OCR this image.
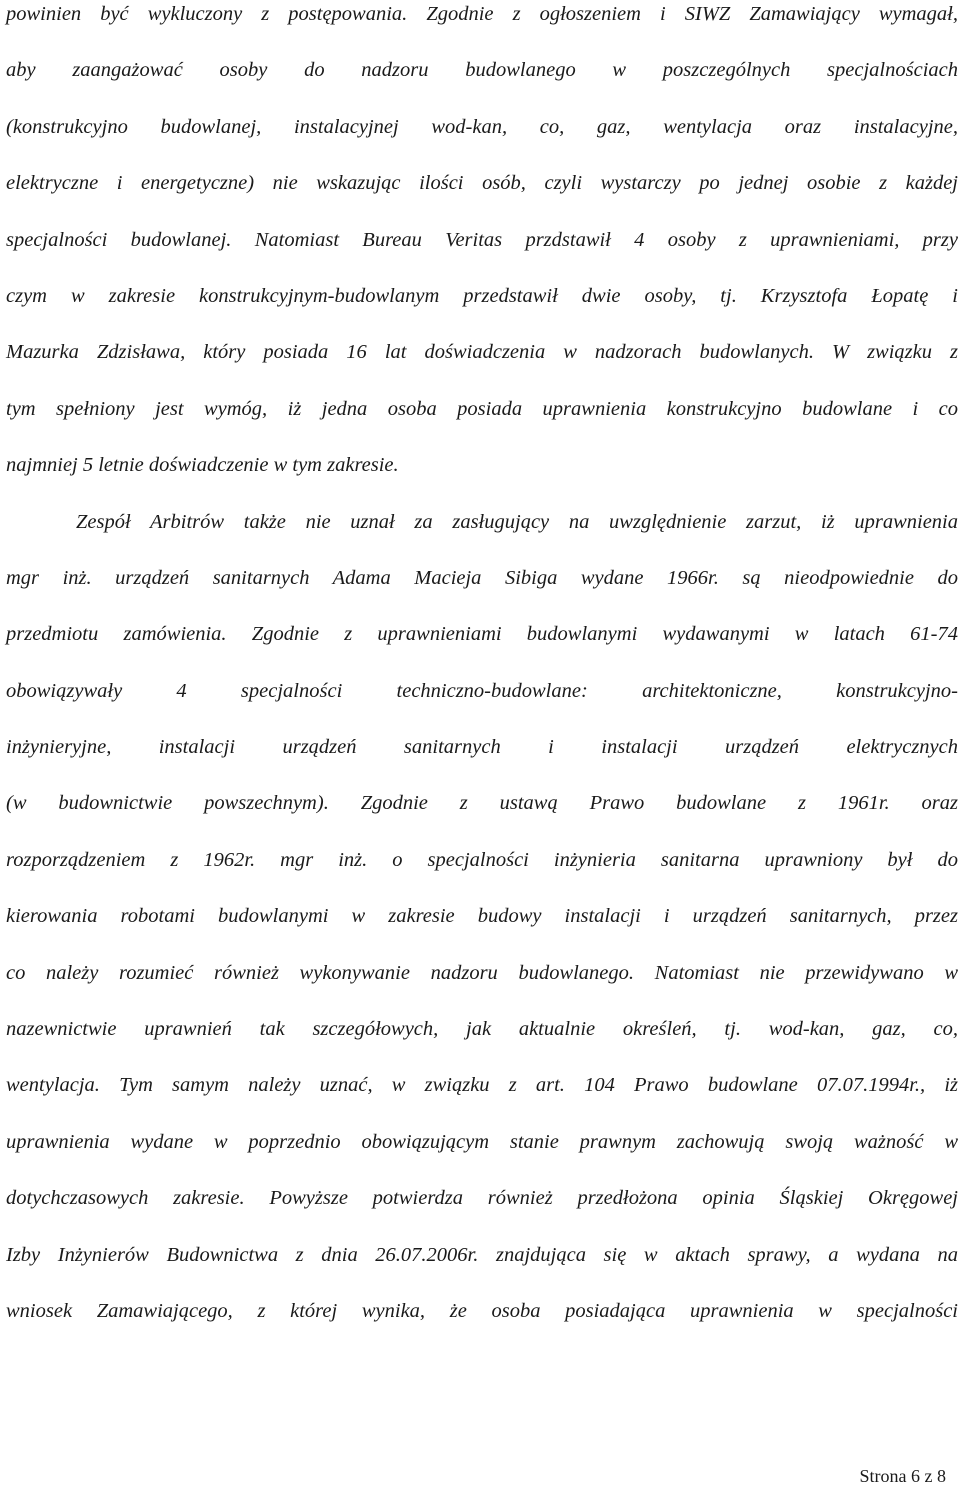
powinien być wykluczony z postępowania. Zgodnie z ogłoszeniem i SIWZ Zamawiający wymagał,
aby zaangażować osoby do nadzoru budowlanego w poszczególnych specjalnościach
(konstrukcyjno budowlanej, instalacyjnej wod-kan, co, gaz, wentylacja oraz instalacyjne,
elektryczne i energetyczne) nie wskazując ilości osób, czyli wystarczy po jednej osobie z każdej
specjalności budowlanej. Natomiast Bureau Veritas przdstawił 4 osoby z uprawnieniami, przy
czym w zakresie konstrukcyjnym-budowlanym przedstawił dwie osoby, tj. Krzysztofa Łopatę i
Mazurka Zdzisława, który posiada 16 lat doświadczenia w nadzorach budowlanych. W związku z
tym spełniony jest wymóg, iż jedna osoba posiada uprawnienia konstrukcyjno budowlane i co
najmniej 5 letnie doświadczenie w tym zakresie.
Zespół Arbitrów także nie uznał za zasługujący na uwzględnienie zarzut, iż uprawnienia
mgr inż. urządzeń sanitarnych Adama Macieja Sibiga wydane 1966r. są nieodpowiednie do
przedmiotu zamówienia. Zgodnie z uprawnieniami budowlanymi wydawanymi w latach 61-74
obowiązywały 4 specjalności techniczno-budowlane: architektoniczne, konstrukcyjno-
inżynieryjne, instalacji urządzeń sanitarnych i instalacji urządzeń elektrycznych
(w budownictwie powszechnym). Zgodnie z ustawą Prawo budowlane z 1961r. oraz
rozporządzeniem z 1962r. mgr inż. o specjalności inżynieria sanitarna uprawniony był do
kierowania robotami budowlanymi w zakresie budowy instalacji i urządzeń sanitarnych, przez
co należy rozumieć również wykonywanie nadzoru budowlanego. Natomiast nie przewidywano w
nazewnictwie uprawnień tak szczegółowych, jak aktualnie określeń, tj. wod-kan, gaz, co,
wentylacja. Tym samym należy uznać, w związku z art. 104 Prawo budowlane 07.07.1994r., iż
uprawnienia wydane w poprzednio obowiązującym stanie prawnym zachowują swoją ważność w
dotychczasowych zakresie. Powyższe potwierdza również przedłożona opinia Śląskiej Okręgowej
Izby Inżynierów Budownictwa z dnia 26.07.2006r. znajdująca się w aktach sprawy, a wydana na
wniosek Zamawiającego, z której wynika, że osoba posiadająca uprawnienia w specjalności
Strona 6 z 8
